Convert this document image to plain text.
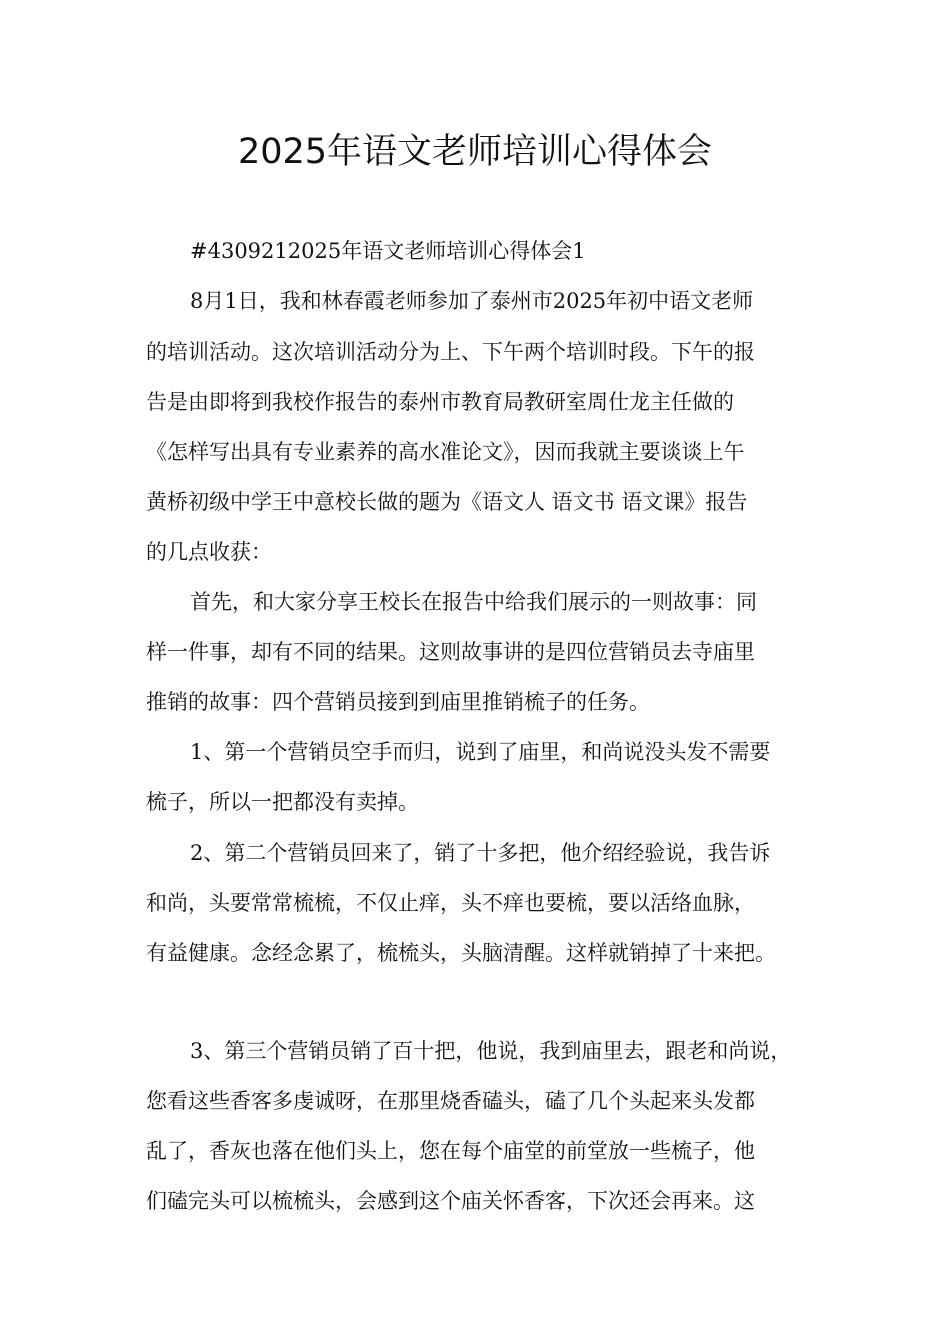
2025年语文老师培训心得体会
#4309212025年语文老师培训心得体会1
8月1日，我和林春霞老师参加了泰州市2025年初中语文老师
的培训活动。这次培训活动分为上、下午两个培训时段。下午的报
告是由即将到我校作报告的泰州市教育局教研室周仕龙主任做的
《怎样写出具有专业素养的高水准论文》，因而我就主要谈谈上午
黄桥初级中学王中意校长做的题为《语文人 语文书 语文课》报告
的几点收获：
首先，和大家分享王校长在报告中给我们展示的一则故事：同
样一件事，却有不同的结果。这则故事讲的是四位营销员去寺庙里
推销的故事：四个营销员接到到庙里推销梳子的任务。
1、第一个营销员空手而归，说到了庙里，和尚说没头发不需要
梳子，所以一把都没有卖掉。
2、第二个营销员回来了，销了十多把，他介绍经验说，我告诉
和尚，头要常常梳梳，不仅止痒，头不痒也要梳，要以活络血脉，
有益健康。念经念累了，梳梳头，头脑清醒。这样就销掉了十来把。
3、第三个营销员销了百十把，他说，我到庙里去，跟老和尚说，
您看这些香客多虔诚呀，在那里烧香磕头，磕了几个头起来头发都
乱了，香灰也落在他们头上，您在每个庙堂的前堂放一些梳子，他
们磕完头可以梳梳头，会感到这个庙关怀香客，下次还会再来。这
